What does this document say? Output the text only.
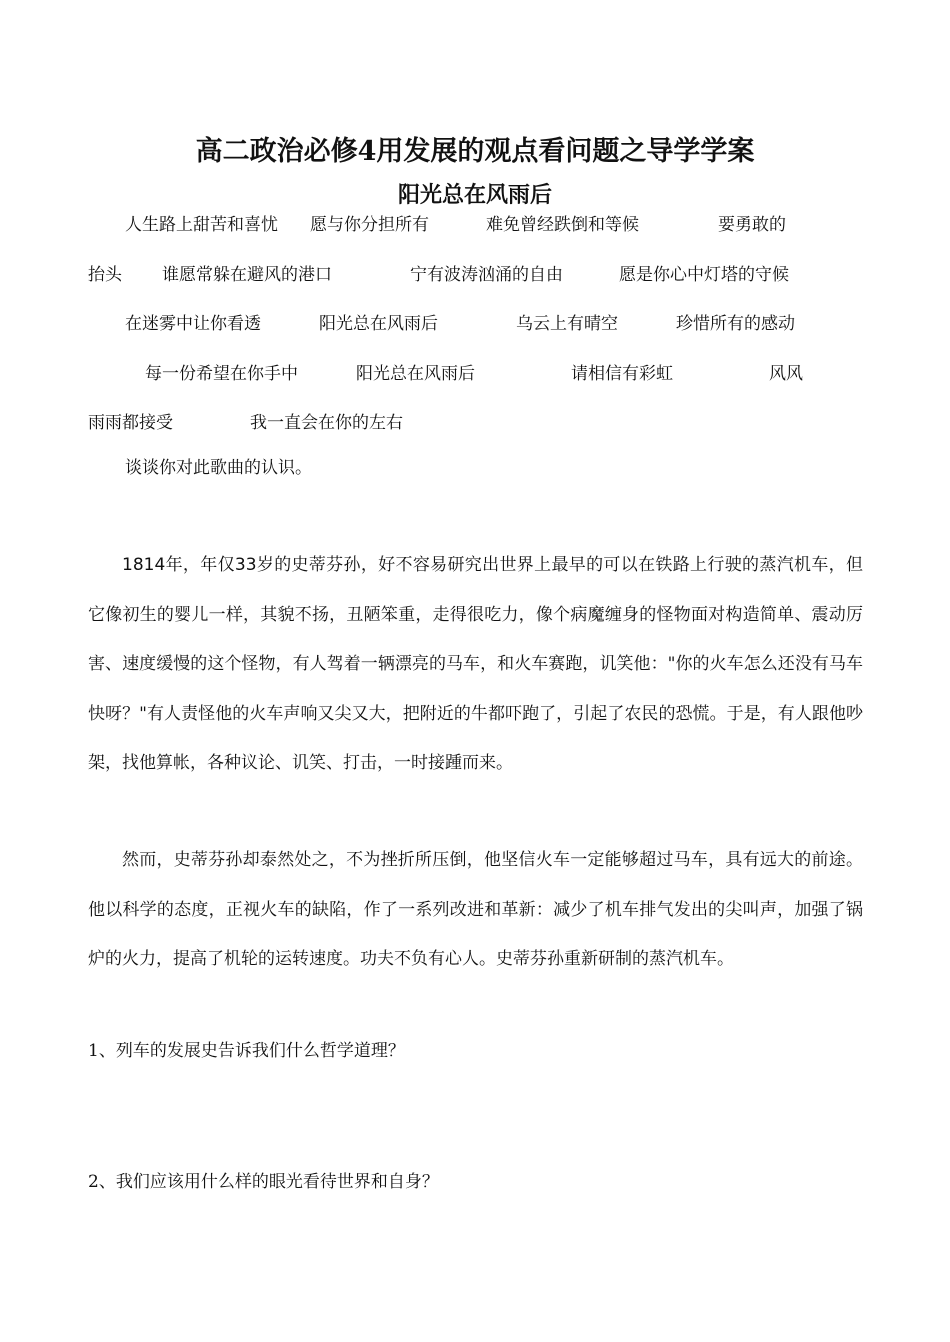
高二政治必修4用发展的观点看问题之导学学案
阳光总在风雨后
人生路上甜苦和喜忧 愿与你分担所有	难免曾经跌倒和等候	要勇敢的
抬头 谁愿常躲在避风的港口	宁有波涛汹涌的自由	愿是你心中灯塔的守候
在迷雾中让你看透	阳光总在风雨后	乌云上有晴空	珍惜所有的感动
每一份希望在你手中	阳光总在风雨后	请相信有彩虹	风风
雨雨都接受	我一直会在你的左右
谈谈你对此歌曲的认识。

1814年，年仅33岁的史蒂芬孙，好不容易研究出世界上最早的可以在铁路上行驶的蒸汽机车，但它像初生的婴儿一样，其貌不扬，丑陋笨重，走得很吃力，像个病魔缠身的怪物面对构造简单、震动厉害、速度缓慢的这个怪物，有人驾着一辆漂亮的马车，和火车赛跑，讥笑他："你的火车怎么还没有马车快呀？"有人责怪他的火车声响又尖又大，把附近的牛都吓跑了，引起了农民的恐慌。于是，有人跟他吵架，找他算帐，各种议论、讥笑、打击，一时接踵而来。

然而，史蒂芬孙却泰然处之，不为挫折所压倒，他坚信火车一定能够超过马车，具有远大的前途。他以科学的态度，正视火车的缺陷，作了一系列改进和革新：减少了机车排气发出的尖叫声，加强了锅炉的火力，提高了机轮的运转速度。功夫不负有心人。史蒂芬孙重新研制的蒸汽机车。

1、列车的发展史告诉我们什么哲学道理？

2、我们应该用什么样的眼光看待世界和自身？
